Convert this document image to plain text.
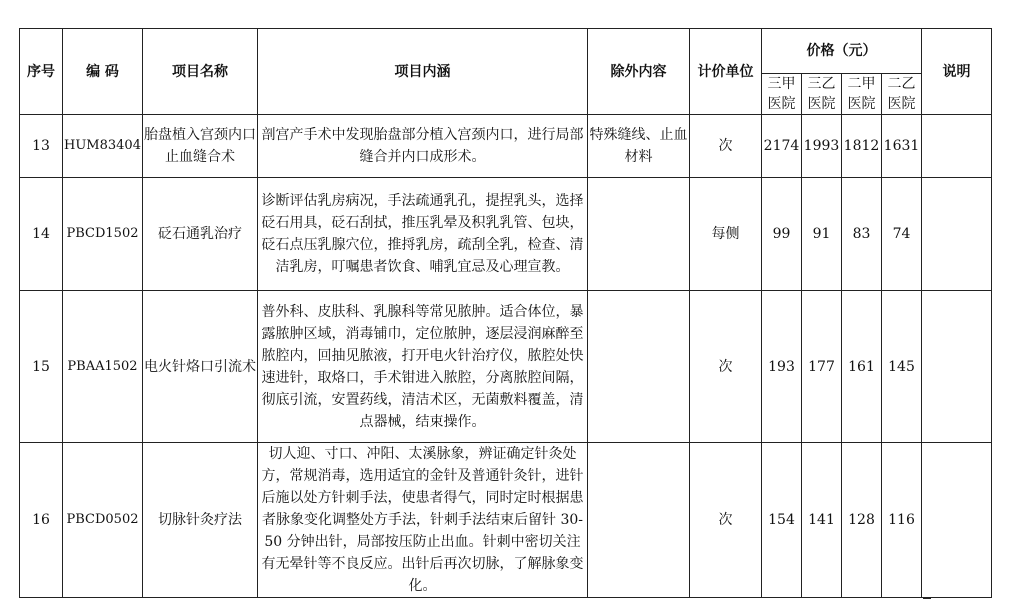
序号	编 码	项目名称	项目内涵	除外内容	计价单位	价格（元）				说明
						三甲医院	三乙医院	二甲医院	二乙医院	
13	HUM83404	胎盘植入宫颈内口止血缝合术	剖宫产手术中发现胎盘部分植入宫颈内口，进行局部缝合并内口成形术。	特殊缝线、止血材料	次	2174	1993	1812	1631	
14	PBCD1502	砭石通乳治疗	诊断评估乳房病况，手法疏通乳孔，提捏乳头，选择砭石用具，砭石刮拭，推压乳晕及积乳乳管、包块，砭石点压乳腺穴位，推捋乳房，疏刮全乳，检查、清洁乳房，叮嘱患者饮食、哺乳宜忌及心理宣教。		每侧	99	91	83	74	
15	PBAA1502	电火针烙口引流术	普外科、皮肤科、乳腺科等常见脓肿。适合体位，暴露脓肿区域，消毒铺巾，定位脓肿，逐层浸润麻醉至脓腔内，回抽见脓液，打开电火针治疗仪，脓腔处快速进针，取烙口，手术钳进入脓腔，分离脓腔间隔，彻底引流，安置药线，清洁术区，无菌敷料覆盖，清点器械，结束操作。		次	193	177	161	145	
16	PBCD0502	切脉针灸疗法	切人迎、寸口、冲阳、太溪脉象，辨证确定针灸处方，常规消毒，选用适宜的金针及普通针灸针，进针后施以处方针刺手法，使患者得气，同时定时根据患者脉象变化调整处方手法，针刺手法结束后留针 30-50 分钟出针，局部按压防止出血。针刺中密切关注有无晕针等不良反应。出针后再次切脉，了解脉象变化。		次	154	141	128	116	
